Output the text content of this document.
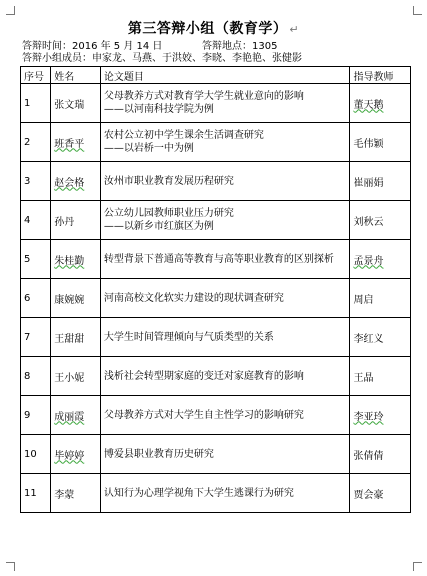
第三答辩小组（教育学） ↵
答辩时间：2016 年 5 月 14 日	答辩地点：1305
答辩小组成员：申家龙、马燕、于洪姣、李晓、李艳艳、张健影
序号	姓名	论文题目	指导教师
1	张文瑞	父母教养方式对教育学大学生就业意向的影响
——以河南科技学院为例	董天鹅
2	班香平	农村公立初中学生课余生活调查研究
——以岩桥一中为例	毛伟颖
3	赵会格	汝州市职业教育发展历程研究	崔丽娟
4	孙丹	公立幼儿园教师职业压力研究
——以新乡市红旗区为例	刘秋云
5	朱桂勤	转型背景下普通高等教育与高等职业教育的区别探析	孟景舟
6	康婉婉	河南高校文化软实力建设的现状调查研究	周启
7	王甜甜	大学生时间管理倾向与气质类型的关系	李红义
8	王小妮	浅析社会转型期家庭的变迁对家庭教育的影响	王晶
9	成丽霞	父母教养方式对大学生自主性学习的影响研究	李亚玲
10	毕婷婷	博爱县职业教育历史研究	张倩倩
11	李蒙	认知行为心理学视角下大学生逃课行为研究	贾会豪
